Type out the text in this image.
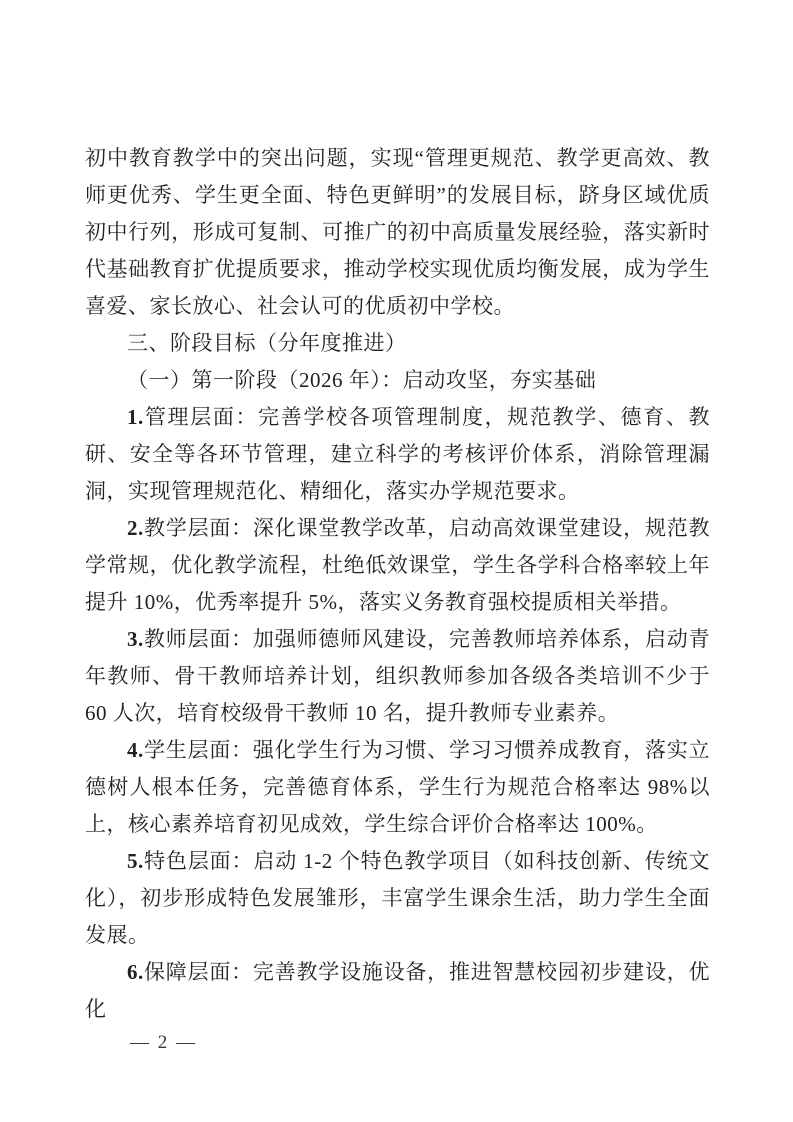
初中教育教学中的突出问题，实现“管理更规范、教学更高效、教师更优秀、学生更全面、特色更鲜明”的发展目标，跻身区域优质初中行列，形成可复制、可推广的初中高质量发展经验，落实新时代基础教育扩优提质要求，推动学校实现优质均衡发展，成为学生喜爱、家长放心、社会认可的优质初中学校。

三、阶段目标（分年度推进）
（一）第一阶段（2026 年）：启动攻坚，夯实基础

1.管理层面：完善学校各项管理制度，规范教学、德育、教研、安全等各环节管理，建立科学的考核评价体系，消除管理漏洞，实现管理规范化、精细化，落实办学规范要求。

2.教学层面：深化课堂教学改革，启动高效课堂建设，规范教学常规，优化教学流程，杜绝低效课堂，学生各学科合格率较上年提升 10%，优秀率提升 5%，落实义务教育强校提质相关举措。

3.教师层面：加强师德师风建设，完善教师培养体系，启动青年教师、骨干教师培养计划，组织教师参加各级各类培训不少于 60 人次，培育校级骨干教师 10 名，提升教师专业素养。

4.学生层面：强化学生行为习惯、学习习惯养成教育，落实立德树人根本任务，完善德育体系，学生行为规范合格率达 98%以上，核心素养培育初见成效，学生综合评价合格率达 100%。

5.特色层面：启动 1-2 个特色教学项目（如科技创新、传统文化），初步形成特色发展雏形，丰富学生课余生活，助力学生全面发展。

6.保障层面：完善教学设施设备，推进智慧校园初步建设，优化

— 2 —
